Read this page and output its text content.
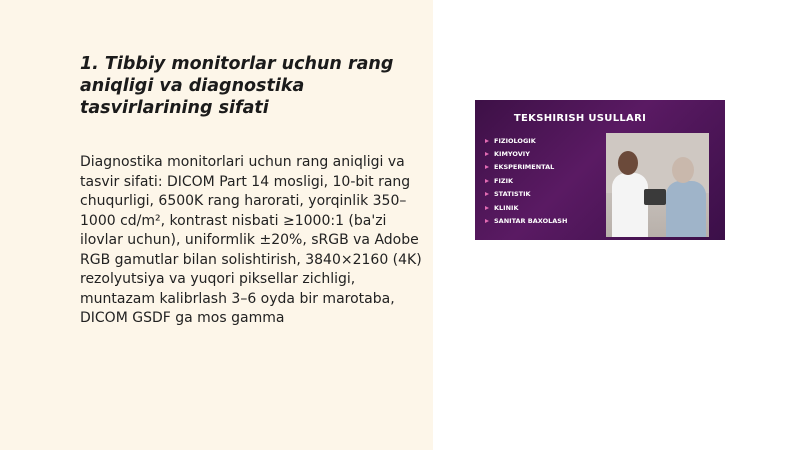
1. Tibbiy monitorlar uchun rang aniqligi va diagnostika tasvirlarining sifati

Diagnostika monitorlari uchun rang aniqligi va tasvir sifati: DICOM Part 14 mosligi, 10-bit rang chuqurligi, 6500K rang harorati, yorqinlik 350–1000 cd/m², kontrast nisbati ≥1000:1 (ba'zi ilovlar uchun), uniformlik ±20%, sRGB va Adobe RGB gamutlar bilan solishtirish, 3840×2160 (4K) rezolyutsiya va yuqori piksellar zichligi, muntazam kalibrlash 3–6 oyda bir marotaba, DICOM GSDF ga mos gamma

TEKSHIRISH USULLARI
FIZIOLOGIK
KIMYOVIY
EKSPERIMENTAL
FIZIK
STATISTIK
KLINIK
SANITAR BAXOLASH
